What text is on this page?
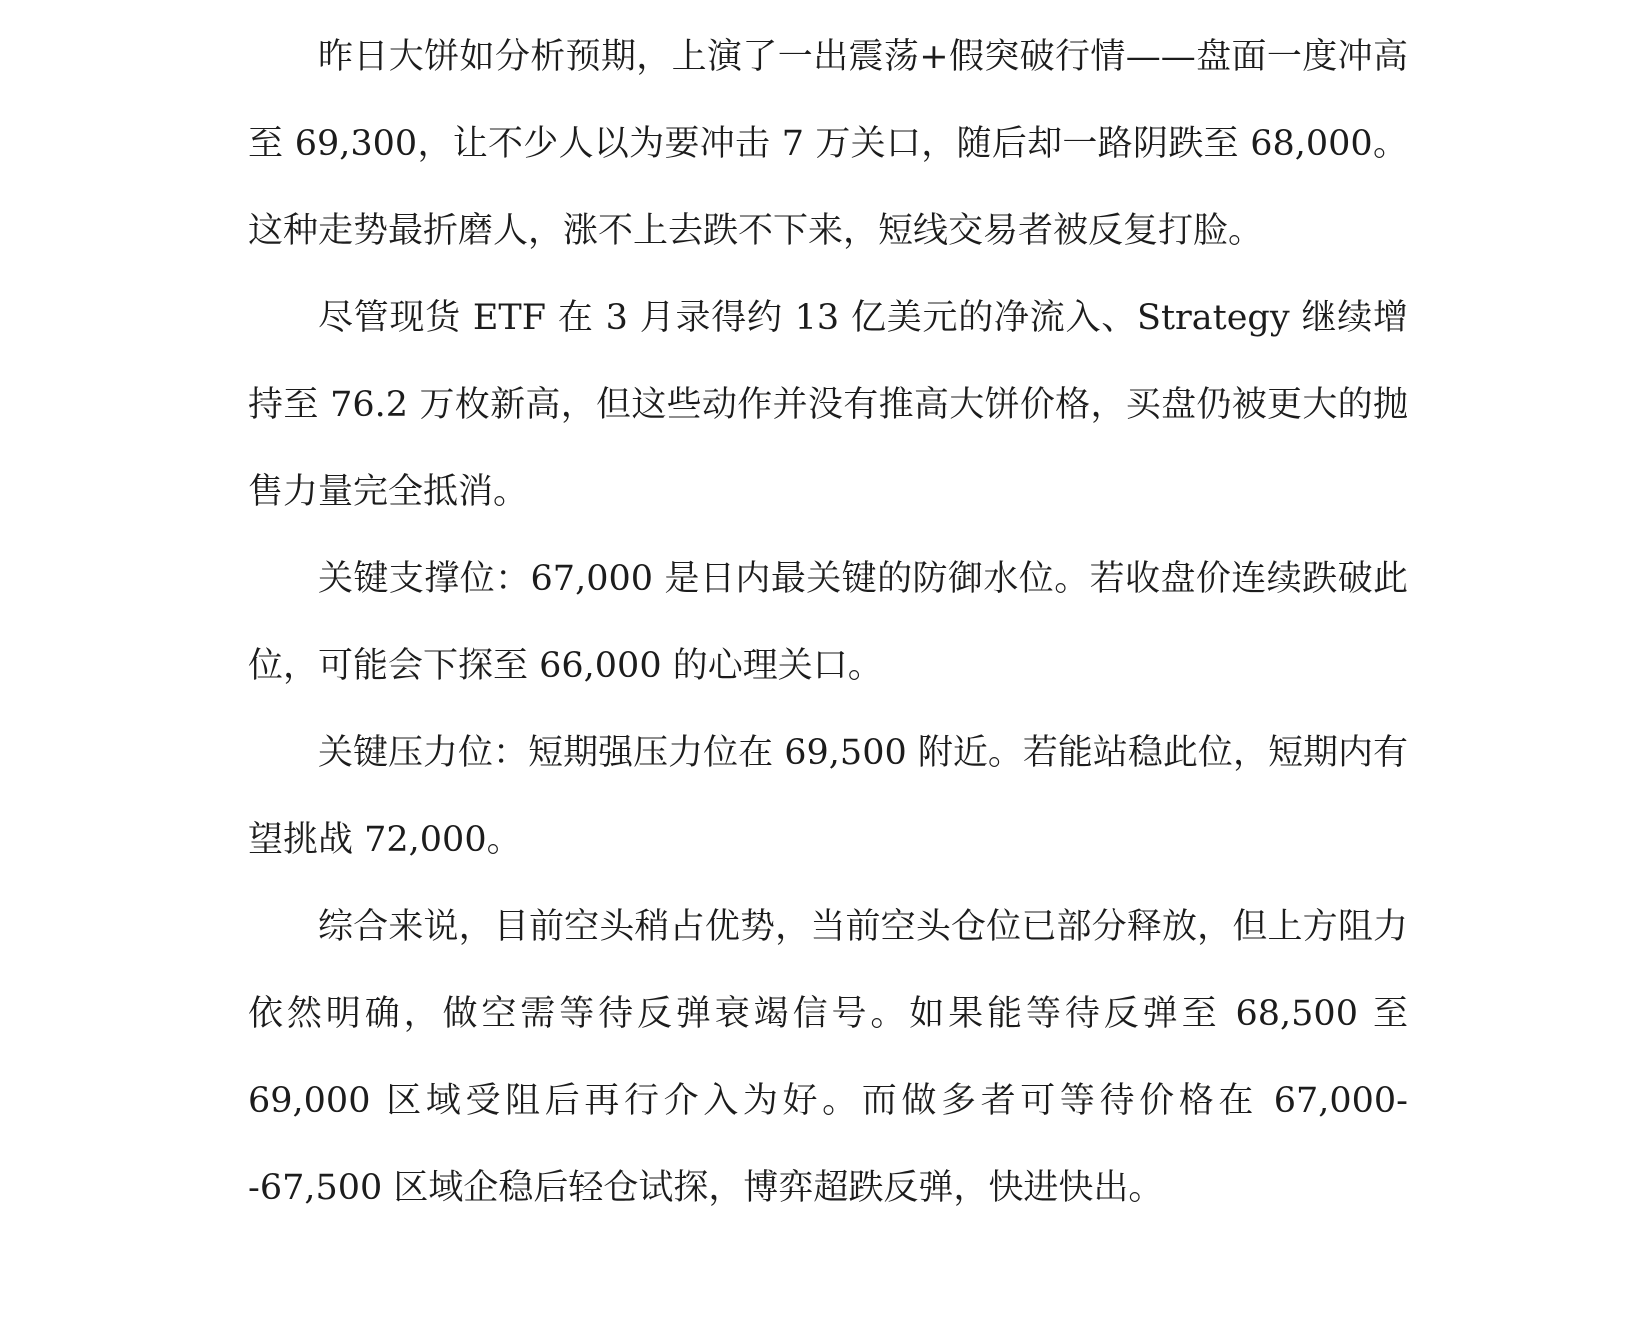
昨日大饼如分析预期，上演了一出震荡+假突破行情——盘面一度冲高至 69,300，让不少人以为要冲击 7 万关口，随后却一路阴跌至 68,000。这种走势最折磨人，涨不上去跌不下来，短线交易者被反复打脸。

尽管现货 ETF 在 3 月录得约 13 亿美元的净流入、Strategy 继续增持至 76.2 万枚新高，但这些动作并没有推高大饼价格，买盘仍被更大的抛售力量完全抵消。

关键支撑位：67,000 是日内最关键的防御水位。若收盘价连续跌破此位，可能会下探至 66,000 的心理关口。

关键压力位：短期强压力位在 69,500 附近。若能站稳此位，短期内有望挑战 72,000。

综合来说，目前空头稍占优势，当前空头仓位已部分释放，但上方阻力依然明确，做空需等待反弹衰竭信号。如果能等待反弹至 68,500 至 69,000 区域受阻后再行介入为好。而做多者可等待价格在 67,000--67,500 区域企稳后轻仓试探，博弈超跌反弹，快进快出。
